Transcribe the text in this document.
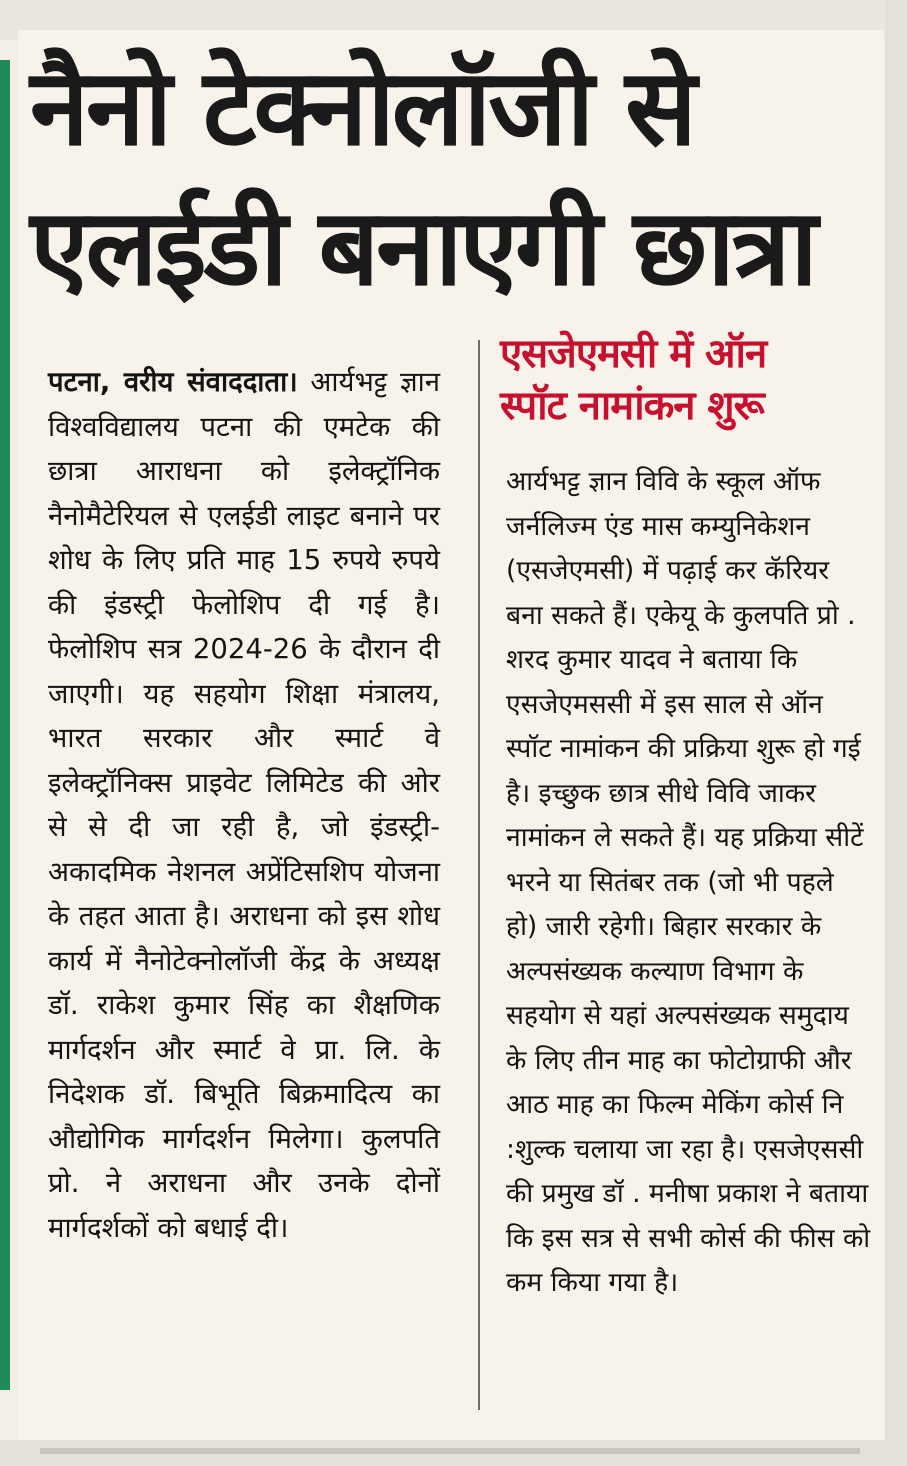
नैनो टेक्नोलॉजी से
एलईडी बनाएगी छात्रा
पटना, वरीय संवाददाता। आर्यभट्ट ज्ञान विश्वविद्यालय पटना की एमटेक की छात्रा आराधना को इलेक्ट्रॉनिक नैनोमैटेरियल से एलईडी लाइट बनाने पर शोध के लिए प्रति माह 15 रुपये रुपये की इंडस्ट्री फेलोशिप दी गई है। फेलोशिप सत्र 2024-26 के दौरान दी जाएगी। यह सहयोग शिक्षा मंत्रालय, भारत सरकार और स्मार्ट वे इलेक्ट्रॉनिक्स प्राइवेट लिमिटेड की ओर से से दी जा रही है, जो इंडस्ट्री-अकादमिक नेशनल अप्रेंटिसशिप योजना के तहत आता है। अराधना को इस शोध कार्य में नैनोटेक्नोलॉजी केंद्र के अध्यक्ष डॉ. राकेश कुमार सिंह का शैक्षणिक मार्गदर्शन और स्मार्ट वे प्रा. लि. के निदेशक डॉ. बिभूति बिक्रमादित्य का औद्योगिक मार्गदर्शन मिलेगा। कुलपति प्रो. ने अराधना और उनके दोनों मार्गदर्शकों को बधाई दी।
एसजेएमसी में ऑन
स्पॉट नामांकन शुरू
आर्यभट्ट ज्ञान विवि के स्कूल ऑफ जर्नलिज्म एंड मास कम्युनिकेशन (एसजेएमसी) में पढ़ाई कर कॅरियर बना सकते हैं। एकेयू के कुलपति प्रो . शरद कुमार यादव ने बताया कि एसजेएमससी में इस साल से ऑन स्पॉट नामांकन की प्रक्रिया शुरू हो गई है। इच्छुक छात्र सीधे विवि जाकर नामांकन ले सकते हैं। यह प्रक्रिया सीटें भरने या सितंबर तक (जो भी पहले हो) जारी रहेगी। बिहार सरकार के अल्पसंख्यक कल्याण विभाग के सहयोग से यहां अल्पसंख्यक समुदाय के लिए तीन माह का फोटोग्राफी और आठ माह का फिल्म मेकिंग कोर्स नि :शुल्क चलाया जा रहा है। एसजेएससी की प्रमुख डॉ . मनीषा प्रकाश ने बताया कि इस सत्र से सभी कोर्स की फीस को कम किया गया है।
